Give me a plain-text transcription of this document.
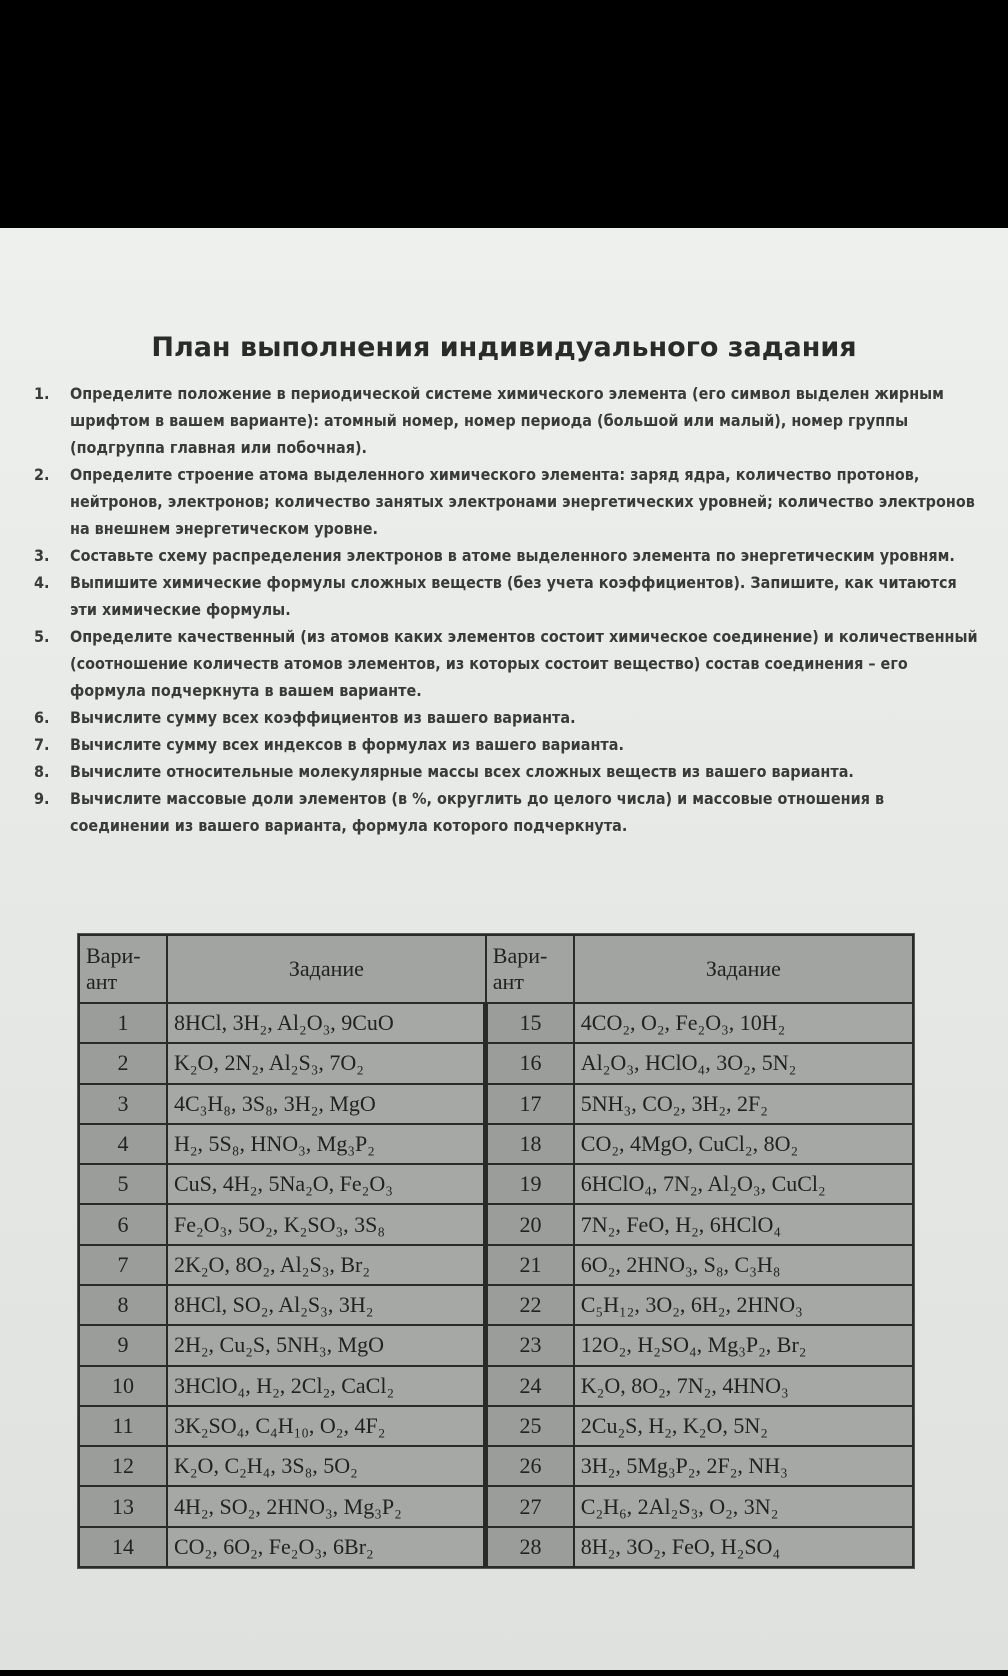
План выполнения индивидуального задания
1.	Определите положение в периодической системе химического элемента (его символ выделен жирным шрифтом в вашем варианте): атомный номер, номер периода (большой или малый), номер группы (подгруппа главная или побочная).
2.	Определите строение атома выделенного химического элемента: заряд ядра, количество протонов, нейтронов, электронов; количество занятых электронами энергетических уровней; количество электронов на внешнем энергетическом уровне.
3.	Составьте схему распределения электронов в атоме выделенного элемента по энергетическим уровням.
4.	Выпишите химические формулы сложных веществ (без учета коэффициентов). Запишите, как читаются эти химические формулы.
5.	Определите качественный (из атомов каких элементов состоит химическое соединение) и количественный (соотношение количеств атомов элементов, из которых состоит вещество) состав соединения – его формула подчеркнута в вашем варианте.
6.	Вычислите сумму всех коэффициентов из вашего варианта.
7.	Вычислите сумму всех индексов в формулах из вашего варианта.
8.	Вычислите относительные молекулярные массы всех сложных веществ из вашего варианта.
9.	Вычислите массовые доли элементов (в %, округлить до целого числа) и массовые отношения в соединении из вашего варианта, формула которого подчеркнута.
Вари-ант	Задание	Вари-ант	Задание
1	8HCl, 3H₂, Al₂O₃, 9CuO	15	4CO₂, O₂, Fe₂O₃, 10H₂
2	K₂O, 2N₂, Al₂S₃, 7O₂	16	Al₂O₃, HClO₄, 3O₂, 5N₂
3	4C₃H₈, 3S₈, 3H₂, MgO	17	5NH₃, CO₂, 3H₂, 2F₂
4	H₂, 5S₈, HNO₃, Mg₃P₂	18	CO₂, 4MgO, CuCl₂, 8O₂
5	CuS, 4H₂, 5Na₂O, Fe₂O₃	19	6HClO₄, 7N₂, Al₂O₃, CuCl₂
6	Fe₂O₃, 5O₂, K₂SO₃, 3S₈	20	7N₂, FeO, H₂, 6HClO₄
7	2K₂O, 8O₂, Al₂S₃, Br₂	21	6O₂, 2HNO₃, S₈, C₃H₈
8	8HCl, SO₂, Al₂S₃, 3H₂	22	C₅H₁₂, 3O₂, 6H₂, 2HNO₃
9	2H₂, Cu₂S, 5NH₃, MgO	23	12O₂, H₂SO₄, Mg₃P₂, Br₂
10	3HClO₄, H₂, 2Cl₂, CaCl₂	24	K₂O, 8O₂, 7N₂, 4HNO₃
11	3K₂SO₄, C₄H₁₀, O₂, 4F₂	25	2Cu₂S, H₂, K₂O, 5N₂
12	K₂O, C₂H₄, 3S₈, 5O₂	26	3H₂, 5Mg₃P₂, 2F₂, NH₃
13	4H₂, SO₂, 2HNO₃, Mg₃P₂	27	C₂H₆, 2Al₂S₃, O₂, 3N₂
14	CO₂, 6O₂, Fe₂O₃, 6Br₂	28	8H₂, 3O₂, FeO, H₂SO₄
